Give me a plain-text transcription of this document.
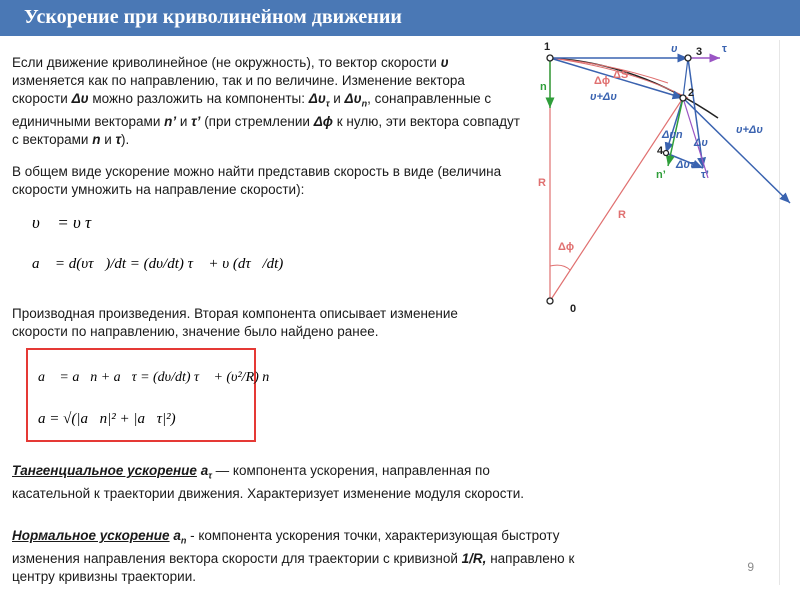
Ускорение при криволинейном движении
Если движение криволинейное (не окружность), то вектор скорости υ изменяется как по направлению, так и по величине. Изменение вектора скорости Δυ можно разложить на компоненты: $\Delta\upsilon_\tau$ и $\Delta\upsilon_n$, сонаправленные с единичными векторами n’ и τ’ (при стремлении Δϕ к нулю, эти вектора совпадут с векторами n и τ).
В общем виде ускорение можно найти представив скорость в виде (величина скорости умножить на направление скорости):
υ⃗ = υ τ⃗
a⃗ = d(υτ⃗)/dt = (dυ/dt) τ⃗ + υ (dτ⃗/dt)
Производная произведения. Вторая компонента описывает изменение скорости по направлению, значение было найдено ранее.
a⃗ = a⃗n + a⃗τ = (dυ/dt) τ⃗ + (υ²/R) n⃗
a = √(|a⃗n|² + |a⃗τ|²)
Тангенциальное ускорение $a_\tau$ — компонента ускорения, направленная по касательной к траектории движения. Характеризует изменение модуля скорости.
Нормальное ускорение $a_n$ - компонента ускорения точки, характеризующая быстроту изменения направления вектора скорости для траектории с кривизной 1/R, направлено к центру кривизны траектории.
1
2
3
4
0
υ	τ
n
ΔS
Δϕ
υ+Δυ
υ+Δυ
Δυn
Δυ
Δυτ
n’	τ’
R
R
Δϕ
9
